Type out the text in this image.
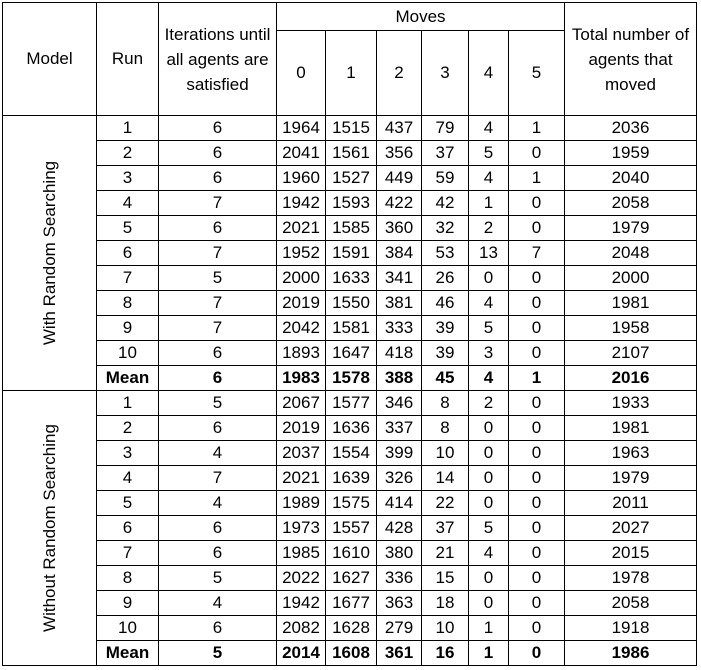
Model	Run	Iterations until all agents are satisfied	Moves						Total number of agents that moved
			0	1	2	3	4	5	

With Random Searching	1	6	1964	1515	437	79	4	1	2036
	2	6	2041	1561	356	37	5	0	1959
	3	6	1960	1527	449	59	4	1	2040
	4	7	1942	1593	422	42	1	0	2058
	5	6	2021	1585	360	32	2	0	1979
	6	7	1952	1591	384	53	13	7	2048
	7	5	2000	1633	341	26	0	0	2000
	8	7	2019	1550	381	46	4	0	1981
	9	7	2042	1581	333	39	5	0	1958
	10	6	1893	1647	418	39	3	0	2107
	Mean	6	1983	1578	388	45	4	1	2016

Without Random Searching	1	5	2067	1577	346	8	2	0	1933
	2	6	2019	1636	337	8	0	0	1981
	3	4	2037	1554	399	10	0	0	1963
	4	7	2021	1639	326	14	0	0	1979
	5	4	1989	1575	414	22	0	0	2011
	6	6	1973	1557	428	37	5	0	2027
	7	6	1985	1610	380	21	4	0	2015
	8	5	2022	1627	336	15	0	0	1978
	9	4	1942	1677	363	18	0	0	2058
	10	6	2082	1628	279	10	1	0	1918
	Mean	5	2014	1608	361	16	1	0	1986
